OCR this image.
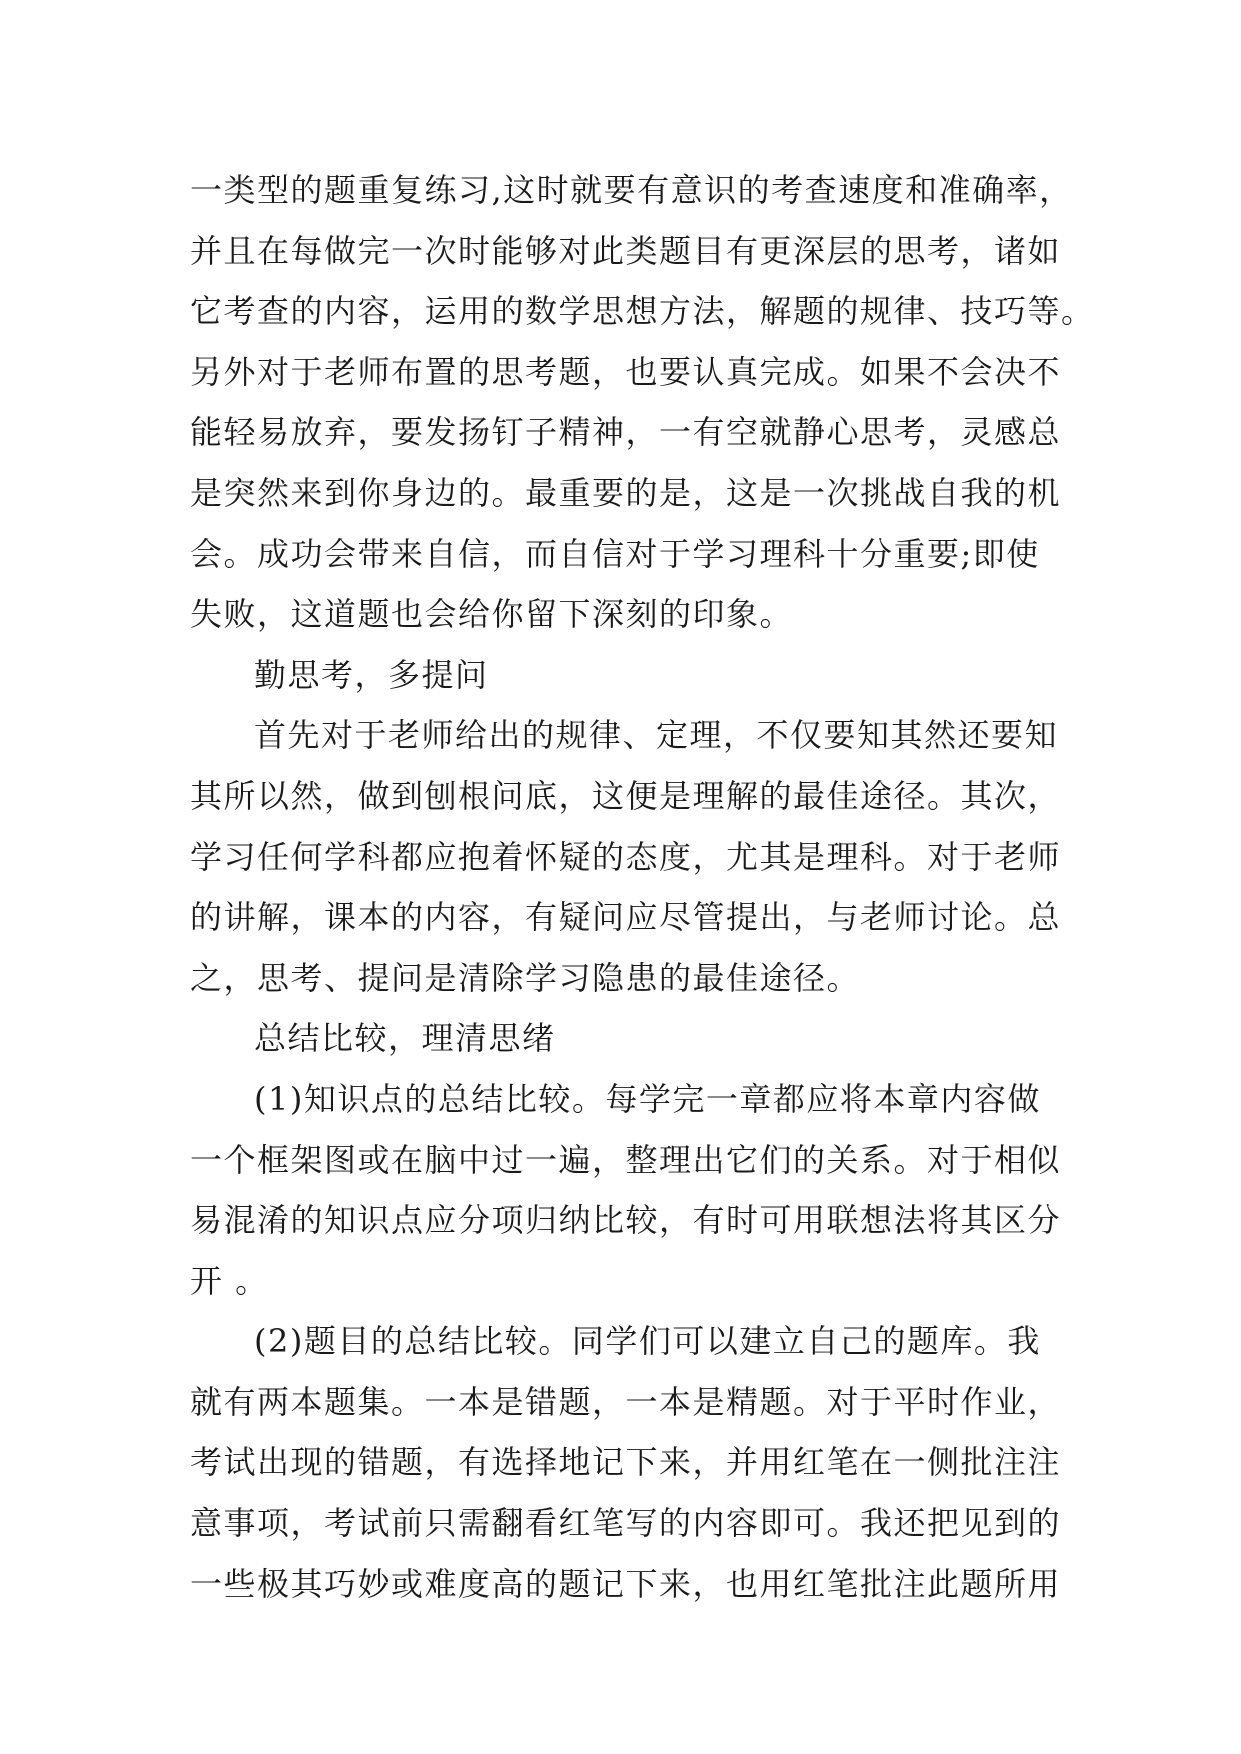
一类型的题重复练习,这时就要有意识的考查速度和准确率，
并且在每做完一次时能够对此类题目有更深层的思考，诸如
它考查的内容，运用的数学思想方法，解题的规律、技巧等。
另外对于老师布置的思考题，也要认真完成。如果不会决不
能轻易放弃，要发扬钉子精神，一有空就静心思考，灵感总
是突然来到你身边的。最重要的是，这是一次挑战自我的机
会。成功会带来自信，而自信对于学习理科十分重要;即使
失败，这道题也会给你留下深刻的印象。
勤思考，多提问
首先对于老师给出的规律、定理，不仅要知其然还要知
其所以然，做到刨根问底，这便是理解的最佳途径。其次，
学习任何学科都应抱着怀疑的态度，尤其是理科。对于老师
的讲解，课本的内容，有疑问应尽管提出，与老师讨论。总
之，思考、提问是清除学习隐患的最佳途径。
总结比较，理清思绪
(1)知识点的总结比较。每学完一章都应将本章内容做
一个框架图或在脑中过一遍，整理出它们的关系。对于相似
易混淆的知识点应分项归纳比较，有时可用联想法将其区分
开 。
(2)题目的总结比较。同学们可以建立自己的题库。我
就有两本题集。一本是错题，一本是精题。对于平时作业，
考试出现的错题，有选择地记下来，并用红笔在一侧批注注
意事项，考试前只需翻看红笔写的内容即可。我还把见到的
一些极其巧妙或难度高的题记下来，也用红笔批注此题所用
